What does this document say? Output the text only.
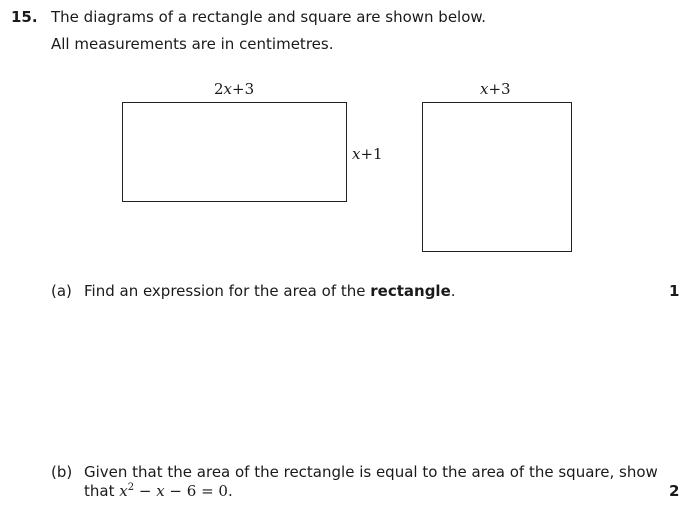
15. The diagrams of a rectangle and square are shown below.
All measurements are in centimetres.
2x+3
x+1
x+3
(a) Find an expression for the area of the rectangle.	1
(b) Given that the area of the rectangle is equal to the area of the square, show
that $x^2 - x - 6 = 0$.	2
